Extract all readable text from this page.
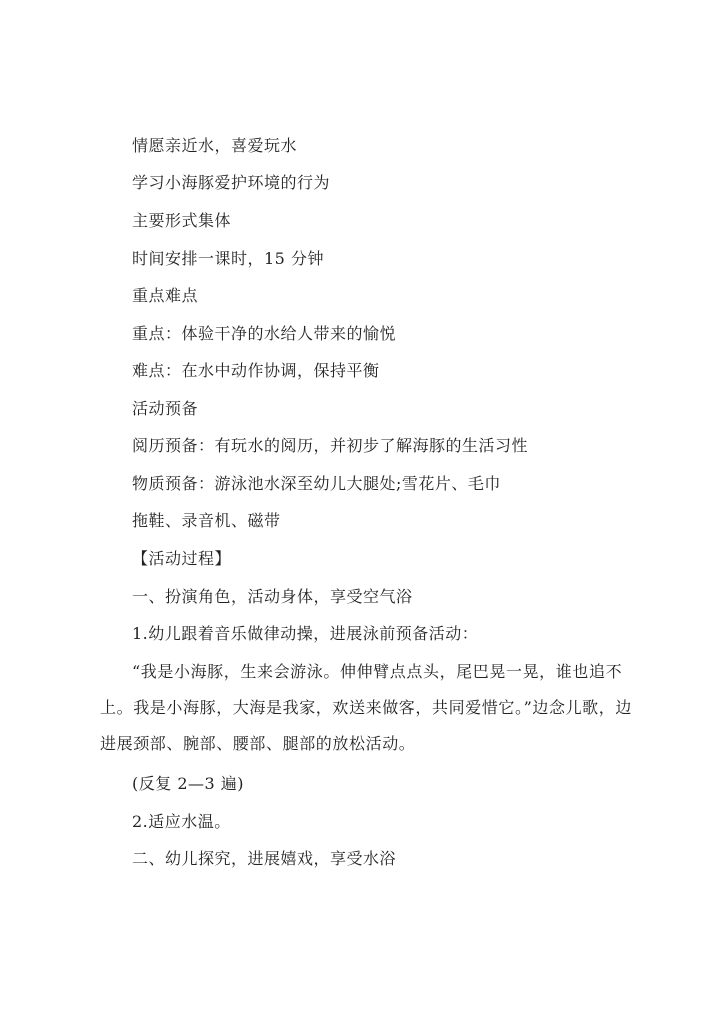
情愿亲近水，喜爱玩水
学习小海豚爱护环境的行为
主要形式集体
时间安排一课时，15 分钟
重点难点
重点：体验干净的水给人带来的愉悦
难点：在水中动作协调，保持平衡
活动预备
阅历预备：有玩水的阅历，并初步了解海豚的生活习性
物质预备：游泳池水深至幼儿大腿处;雪花片、毛巾
拖鞋、录音机、磁带
【活动过程】
一、扮演角色，活动身体，享受空气浴
1.幼儿跟着音乐做律动操，进展泳前预备活动：

“我是小海豚，生来会游泳。伸伸臂点点头，尾巴晃一晃，谁也追不上。我是小海豚，大海是我家，欢送来做客，共同爱惜它。”边念儿歌，边进展颈部、腕部、腰部、腿部的放松活动。

(反复 2—3 遍)
2.适应水温。
二、幼儿探究，进展嬉戏，享受水浴
